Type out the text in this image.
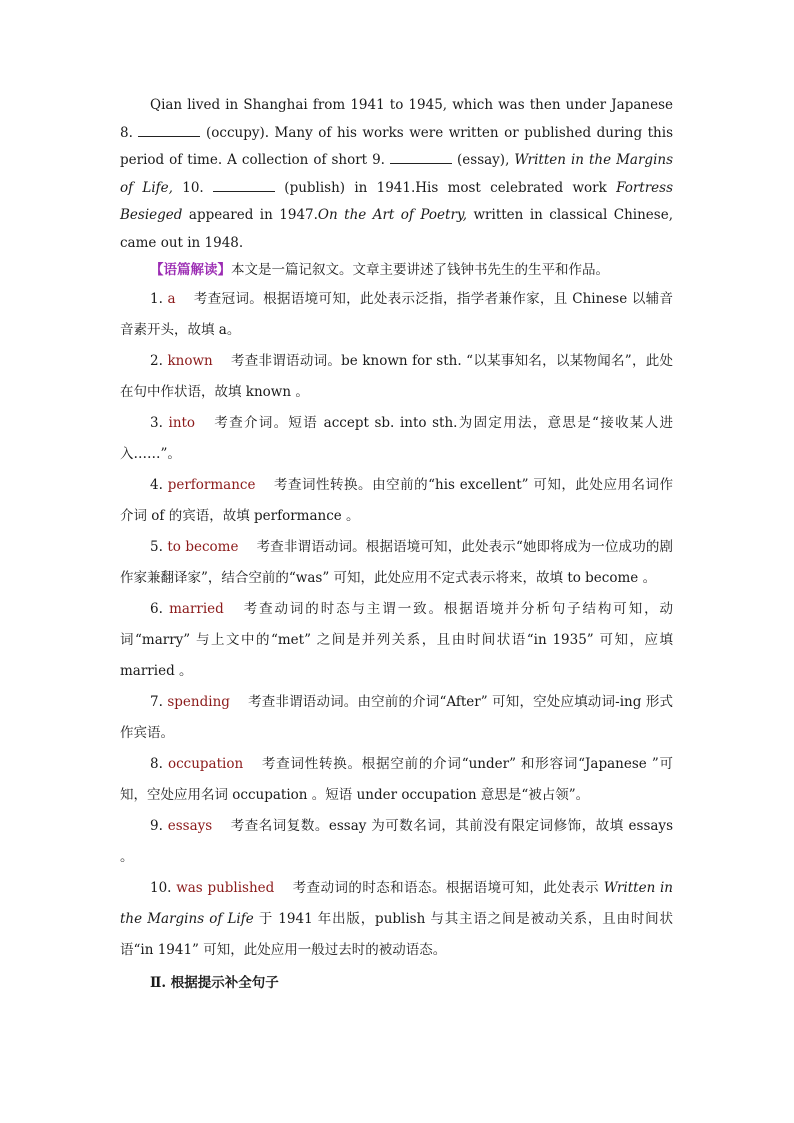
Qian lived in Shanghai from 1941 to 1945, which was then under Japanese 8.	(occupy). Many of his works were written or published during this period of time. A collection of short 9.	(essay), Written in the Margins of Life, 10.	(publish) in 1941.His most celebrated work Fortress Besieged appeared in 1947.On the Art of Poetry, written in classical Chinese, came out in 1948.

【语篇解读】本文是一篇记叙文。文章主要讲述了钱钟书先生的生平和作品。

1. a 考查冠词。根据语境可知，此处表示泛指，指学者兼作家，且 Chinese 以辅音音素开头，故填 a。

2. known 考查非谓语动词。be known for sth. “以某事知名，以某物闻名”，此处在句中作状语，故填 known 。

3. into 考查介词。短语 accept sb. into sth.为固定用法，意思是“接收某人进入……”。

4. performance 考查词性转换。由空前的“his excellent” 可知，此处应用名词作介词 of 的宾语，故填 performance 。

5. to become 考查非谓语动词。根据语境可知，此处表示“她即将成为一位成功的剧作家兼翻译家”，结合空前的“was” 可知，此处应用不定式表示将来，故填 to become 。

6. married 考查动词的时态与主谓一致。根据语境并分析句子结构可知，动词“marry” 与上文中的“met” 之间是并列关系，且由时间状语“in 1935” 可知，应填 married 。

7. spending 考查非谓语动词。由空前的介词“After” 可知，空处应填动词-ing 形式作宾语。

8. occupation 考查词性转换。根据空前的介词“under” 和形容词“Japanese ”可知，空处应用名词 occupation 。短语 under occupation 意思是“被占领”。

9. essays 考查名词复数。essay 为可数名词，其前没有限定词修饰，故填 essays 。

10. was published 考查动词的时态和语态。根据语境可知，此处表示 Written in the Margins of Life 于 1941 年出版，publish 与其主语之间是被动关系，且由时间状语“in 1941” 可知，此处应用一般过去时的被动语态。

Ⅱ. 根据提示补全句子
